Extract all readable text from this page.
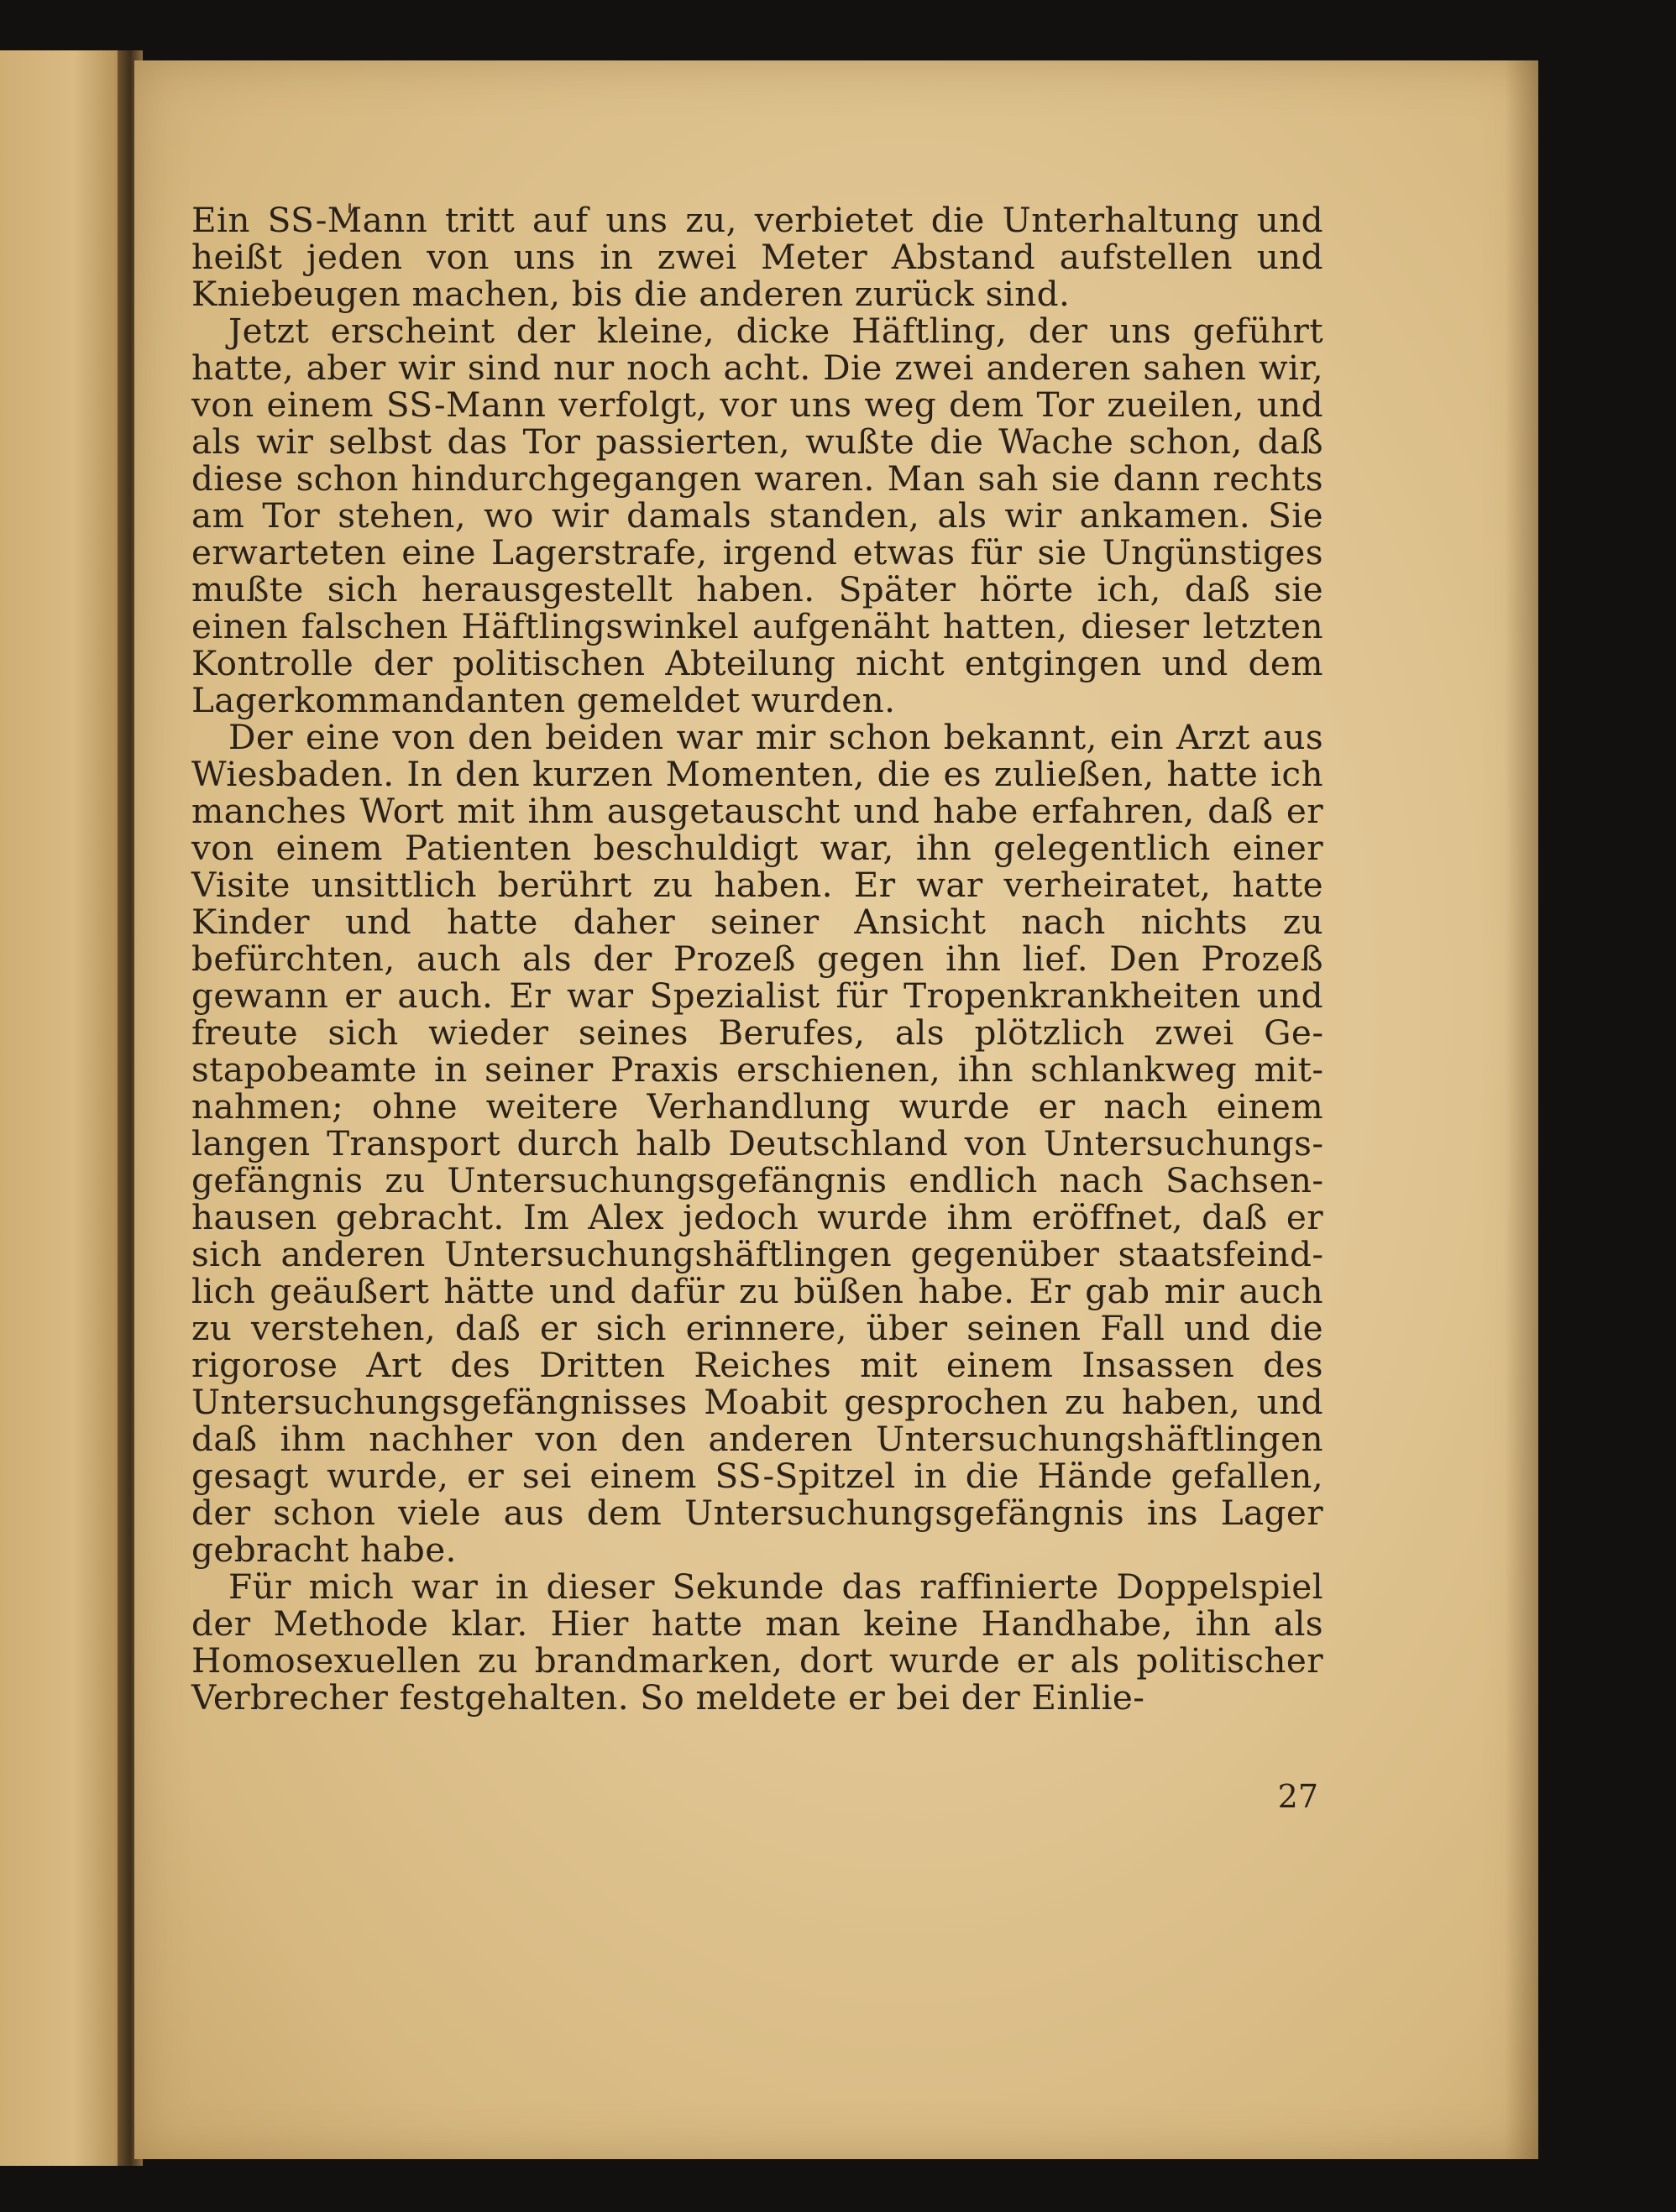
Ein SS-Mann tritt auf uns zu, verbietet die Unterhaltung und heißt jeden von uns in zwei Meter Abstand aufstellen und Kniebeugen machen, bis die anderen zurück sind.

Jetzt erscheint der kleine, dicke Häftling, der uns geführt hatte, aber wir sind nur noch acht. Die zwei anderen sahen wir, von einem SS-Mann verfolgt, vor uns weg dem Tor zueilen, und als wir selbst das Tor passierten, wußte die Wache schon, daß diese schon hindurchgegangen waren. Man sah sie dann rechts am Tor stehen, wo wir damals standen, als wir ankamen. Sie erwarteten eine Lagerstrafe, irgend etwas für sie Ungünstiges mußte sich herausgestellt haben. Später hörte ich, daß sie einen falschen Häftlingswinkel aufgenäht hatten, dieser letzten Kontrolle der politischen Abteilung nicht entgingen und dem Lagerkommandanten gemeldet wurden.

Der eine von den beiden war mir schon bekannt, ein Arzt aus Wiesbaden. In den kurzen Momenten, die es zuließen, hatte ich manches Wort mit ihm ausgetauscht und habe erfahren, daß er von einem Patienten beschuldigt war, ihn gelegentlich einer Visite unsittlich berührt zu haben. Er war verheiratet, hatte Kinder und hatte daher seiner Ansicht nach nichts zu befürchten, auch als der Prozeß gegen ihn lief. Den Prozeß gewann er auch. Er war Spezialist für Tropenkrankheiten und freute sich wieder seines Berufes, als plötzlich zwei Gestapobeamte in seiner Praxis erschienen, ihn schlankweg mitnahmen; ohne weitere Verhandlung wurde er nach einem langen Transport durch halb Deutschland von Untersuchungsgefängnis zu Untersuchungsgefängnis endlich nach Sachsenhausen gebracht. Im Alex jedoch wurde ihm eröffnet, daß er sich anderen Untersuchungshäftlingen gegenüber staatsfeindlich geäußert hätte und dafür zu büßen habe. Er gab mir auch zu verstehen, daß er sich erinnere, über seinen Fall und die rigorose Art des Dritten Reiches mit einem Insassen des Untersuchungsgefängnisses Moabit gesprochen zu haben, und daß ihm nachher von den anderen Untersuchungshäftlingen gesagt wurde, er sei einem SS-Spitzel in die Hände gefallen, der schon viele aus dem Untersuchungsgefängnis ins Lager gebracht habe.

Für mich war in dieser Sekunde das raffinierte Doppelspiel der Methode klar. Hier hatte man keine Handhabe, ihn als Homosexuellen zu brandmarken, dort wurde er als politischer Verbrecher festgehalten. So meldete er bei der Einlie-

27
